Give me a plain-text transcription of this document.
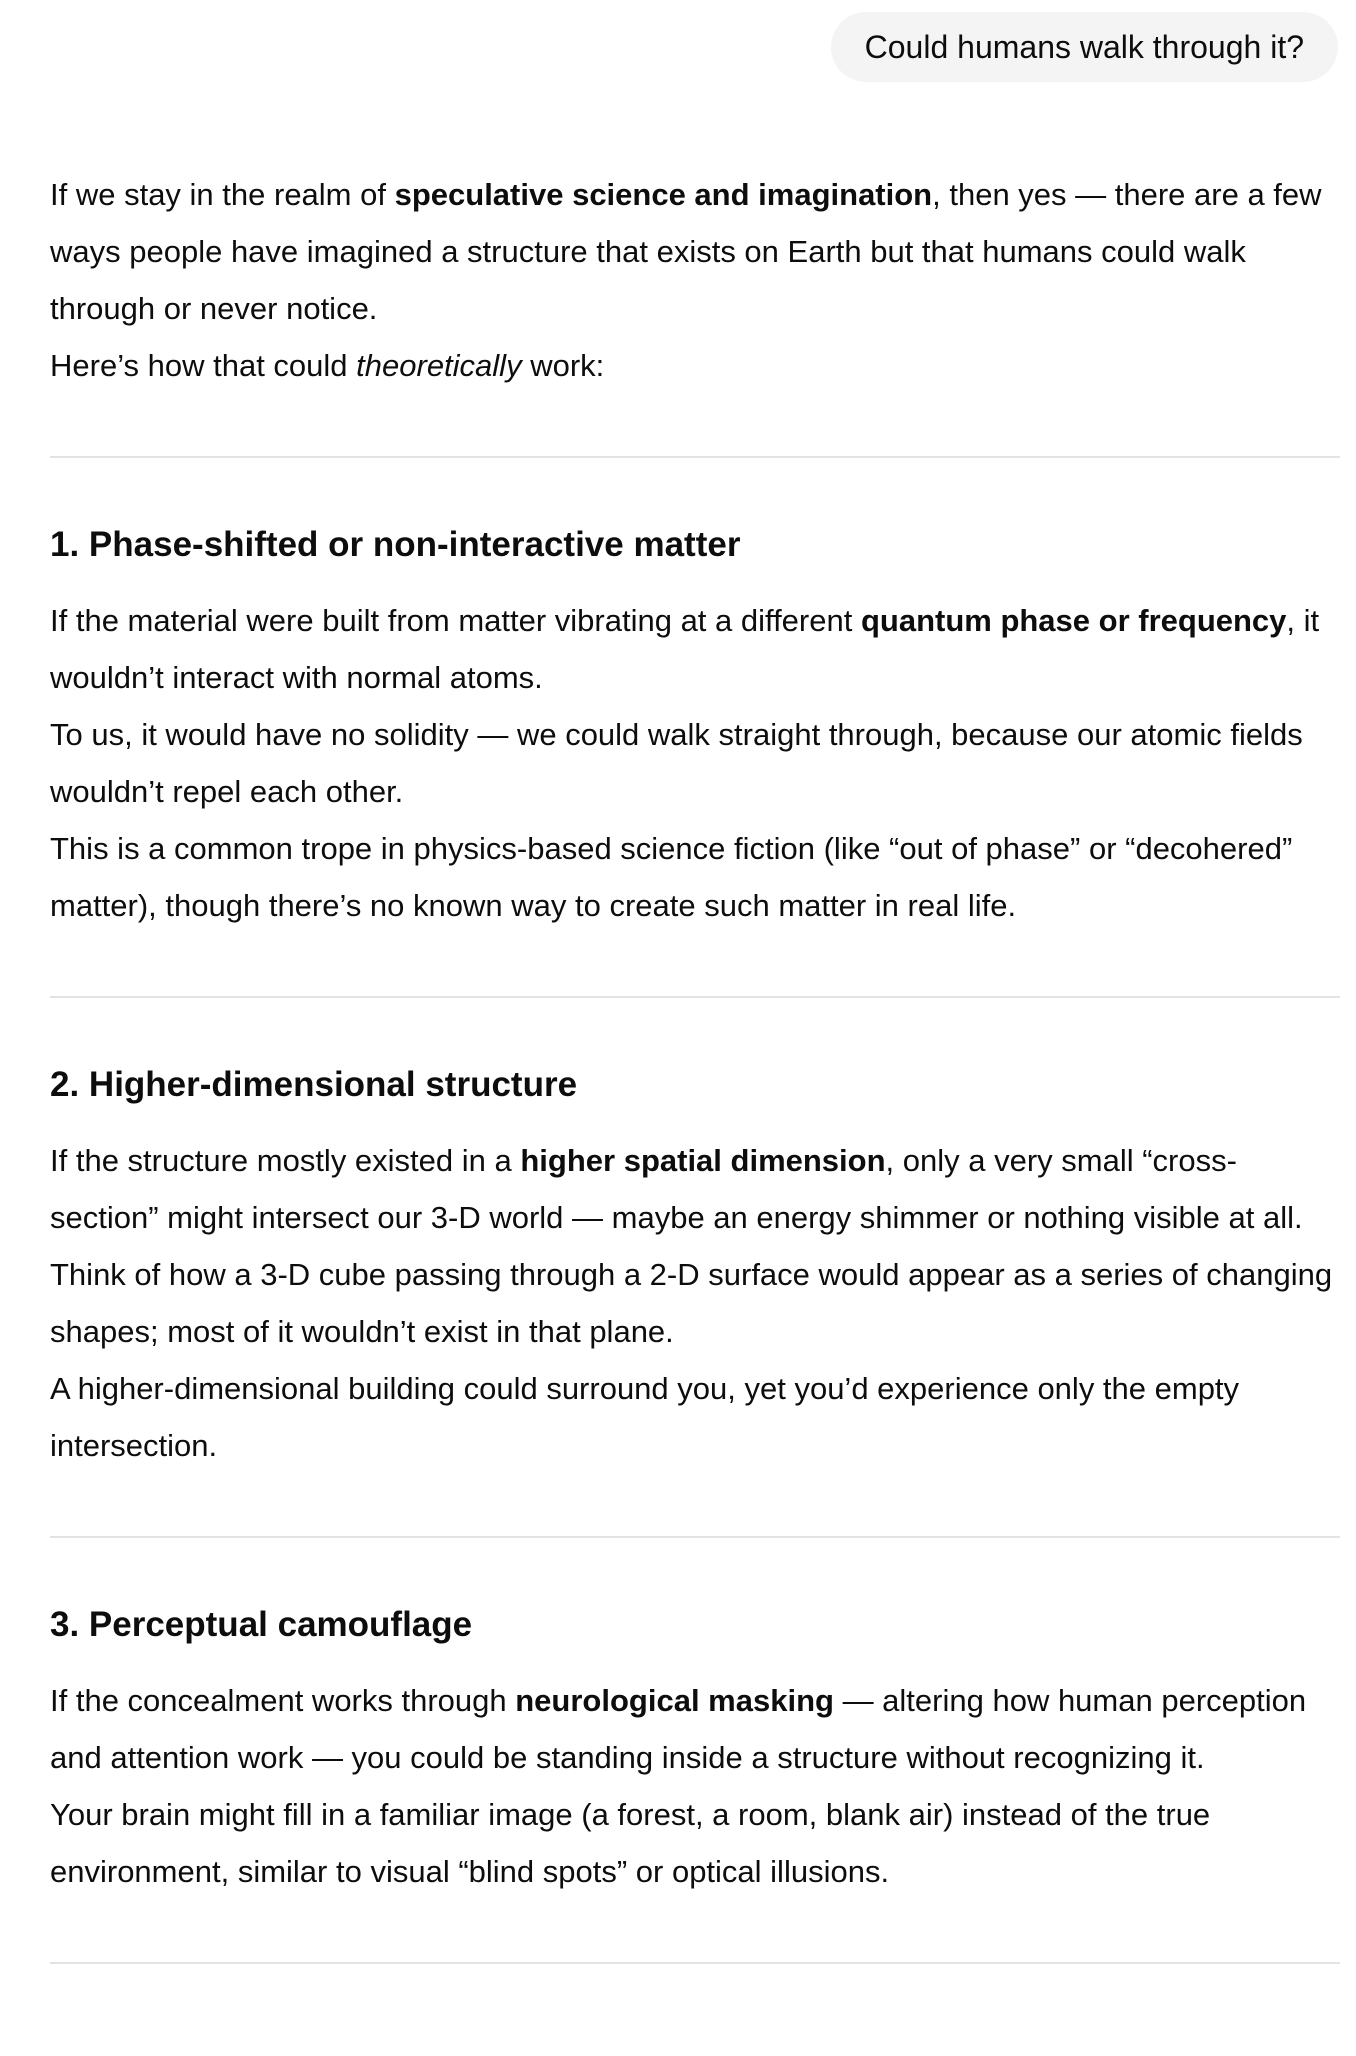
Could humans walk through it?

If we stay in the realm of speculative science and imagination, then yes — there are a few ways people have imagined a structure that exists on Earth but that humans could walk through or never notice.

Here’s how that could theoretically work:

1. Phase-shifted or non-interactive matter

If the material were built from matter vibrating at a different quantum phase or frequency, it wouldn’t interact with normal atoms.

To us, it would have no solidity — we could walk straight through, because our atomic fields wouldn’t repel each other.

This is a common trope in physics-based science fiction (like “out of phase” or “decohered” matter), though there’s no known way to create such matter in real life.

2. Higher-dimensional structure

If the structure mostly existed in a higher spatial dimension, only a very small “cross-section” might intersect our 3-D world — maybe an energy shimmer or nothing visible at all.

Think of how a 3-D cube passing through a 2-D surface would appear as a series of changing shapes; most of it wouldn’t exist in that plane.

A higher-dimensional building could surround you, yet you’d experience only the empty intersection.

3. Perceptual camouflage

If the concealment works through neurological masking — altering how human perception and attention work — you could be standing inside a structure without recognizing it.

Your brain might fill in a familiar image (a forest, a room, blank air) instead of the true environment, similar to visual “blind spots” or optical illusions.
